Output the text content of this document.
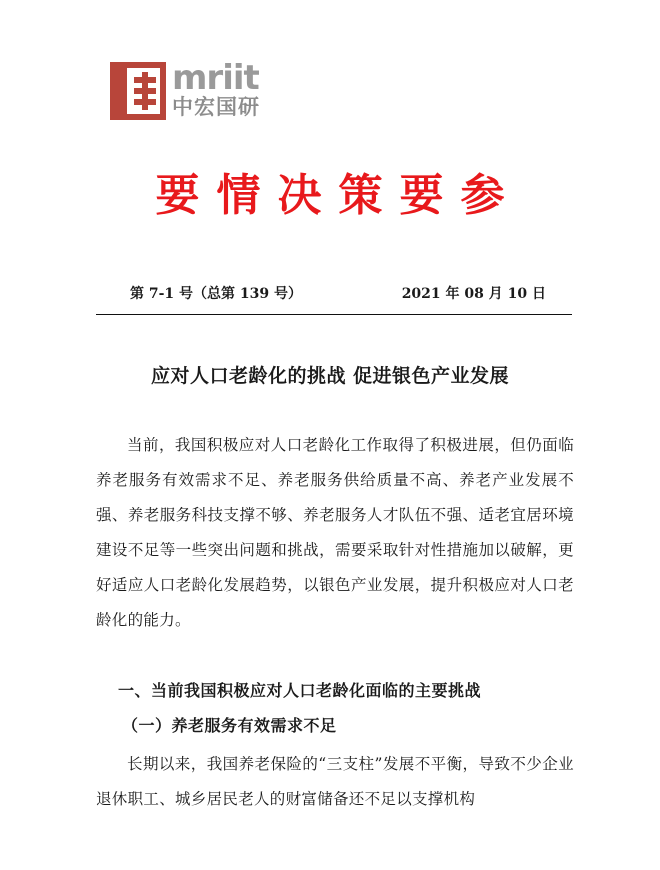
mriit
中宏国研
要情决策要参
第 7-1 号（总第 139 号）	2021 年 08 月 10 日
应对人口老龄化的挑战 促进银色产业发展
当前，我国积极应对人口老龄化工作取得了积极进展，但仍面临养老服务有效需求不足、养老服务供给质量不高、养老产业发展不强、养老服务科技支撑不够、养老服务人才队伍不强、适老宜居环境建设不足等一些突出问题和挑战，需要采取针对性措施加以破解，更好适应人口老龄化发展趋势，以银色产业发展，提升积极应对人口老龄化的能力。
一、当前我国积极应对人口老龄化面临的主要挑战
（一）养老服务有效需求不足
长期以来，我国养老保险的“三支柱”发展不平衡，导致不少企业退休职工、城乡居民老人的财富储备还不足以支撑机构
